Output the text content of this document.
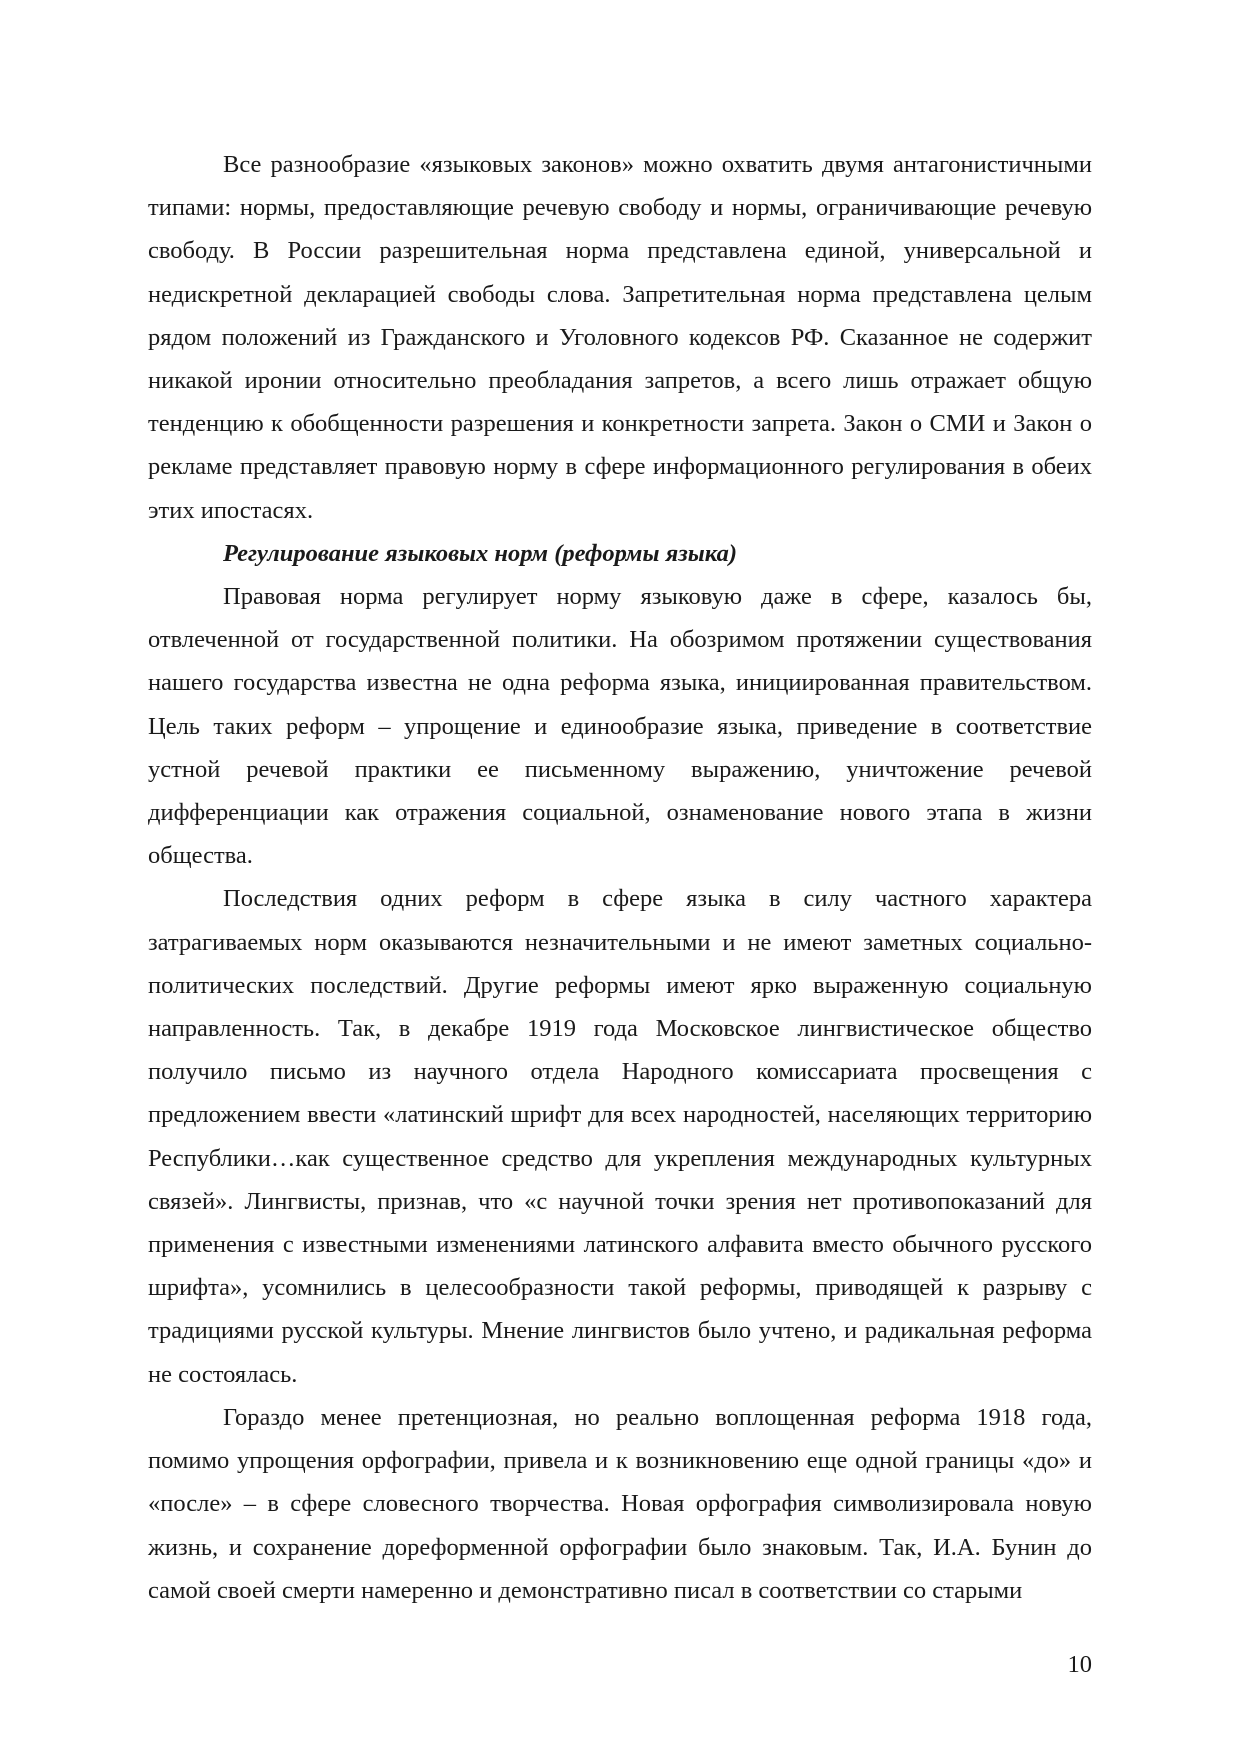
Все разнообразие «языковых законов» можно охватить двумя антагонистичными типами: нормы, предоставляющие речевую свободу и нормы, ограничивающие речевую свободу. В России разрешительная норма представлена единой, универсальной и недискретной декларацией свободы слова. Запретительная норма представлена целым рядом положений из Гражданского и Уголовного кодексов РФ. Сказанное не содержит никакой иронии относительно преобладания запретов, а всего лишь отражает общую тенденцию к обобщенности разрешения и конкретности запрета. Закон о СМИ и Закон о рекламе представляет правовую норму в сфере информационного регулирования в обеих этих ипостасях.

Регулирование языковых норм (реформы языка)

Правовая норма регулирует норму языковую даже в сфере, казалось бы, отвлеченной от государственной политики. На обозримом протяжении существования нашего государства известна не одна реформа языка, инициированная правительством. Цель таких реформ – упрощение и единообразие языка, приведение в соответствие устной речевой практики ее письменному выражению, уничтожение речевой дифференциации как отражения социальной, ознаменование нового этапа в жизни общества.

Последствия одних реформ в сфере языка в силу частного характера затрагиваемых норм оказываются незначительными и не имеют заметных социально-политических последствий. Другие реформы имеют ярко выраженную социальную направленность. Так, в декабре 1919 года Московское лингвистическое общество получило письмо из научного отдела Народного комиссариата просвещения с предложением ввести «латинский шрифт для всех народностей, населяющих территорию Республики…как существенное средство для укрепления международных культурных связей». Лингвисты, признав, что «с научной точки зрения нет противопоказаний для применения с известными изменениями латинского алфавита вместо обычного русского шрифта», усомнились в целесообразности такой реформы, приводящей к разрыву с традициями русской культуры. Мнение лингвистов было учтено, и радикальная реформа не состоялась.

Гораздо менее претенциозная, но реально воплощенная реформа 1918 года, помимо упрощения орфографии, привела и к возникновению еще одной границы «до» и «после» – в сфере словесного творчества. Новая орфография символизировала новую жизнь, и сохранение дореформенной орфографии было знаковым. Так, И.А. Бунин до самой своей смерти намеренно и демонстративно писал в соответствии со старыми

10
